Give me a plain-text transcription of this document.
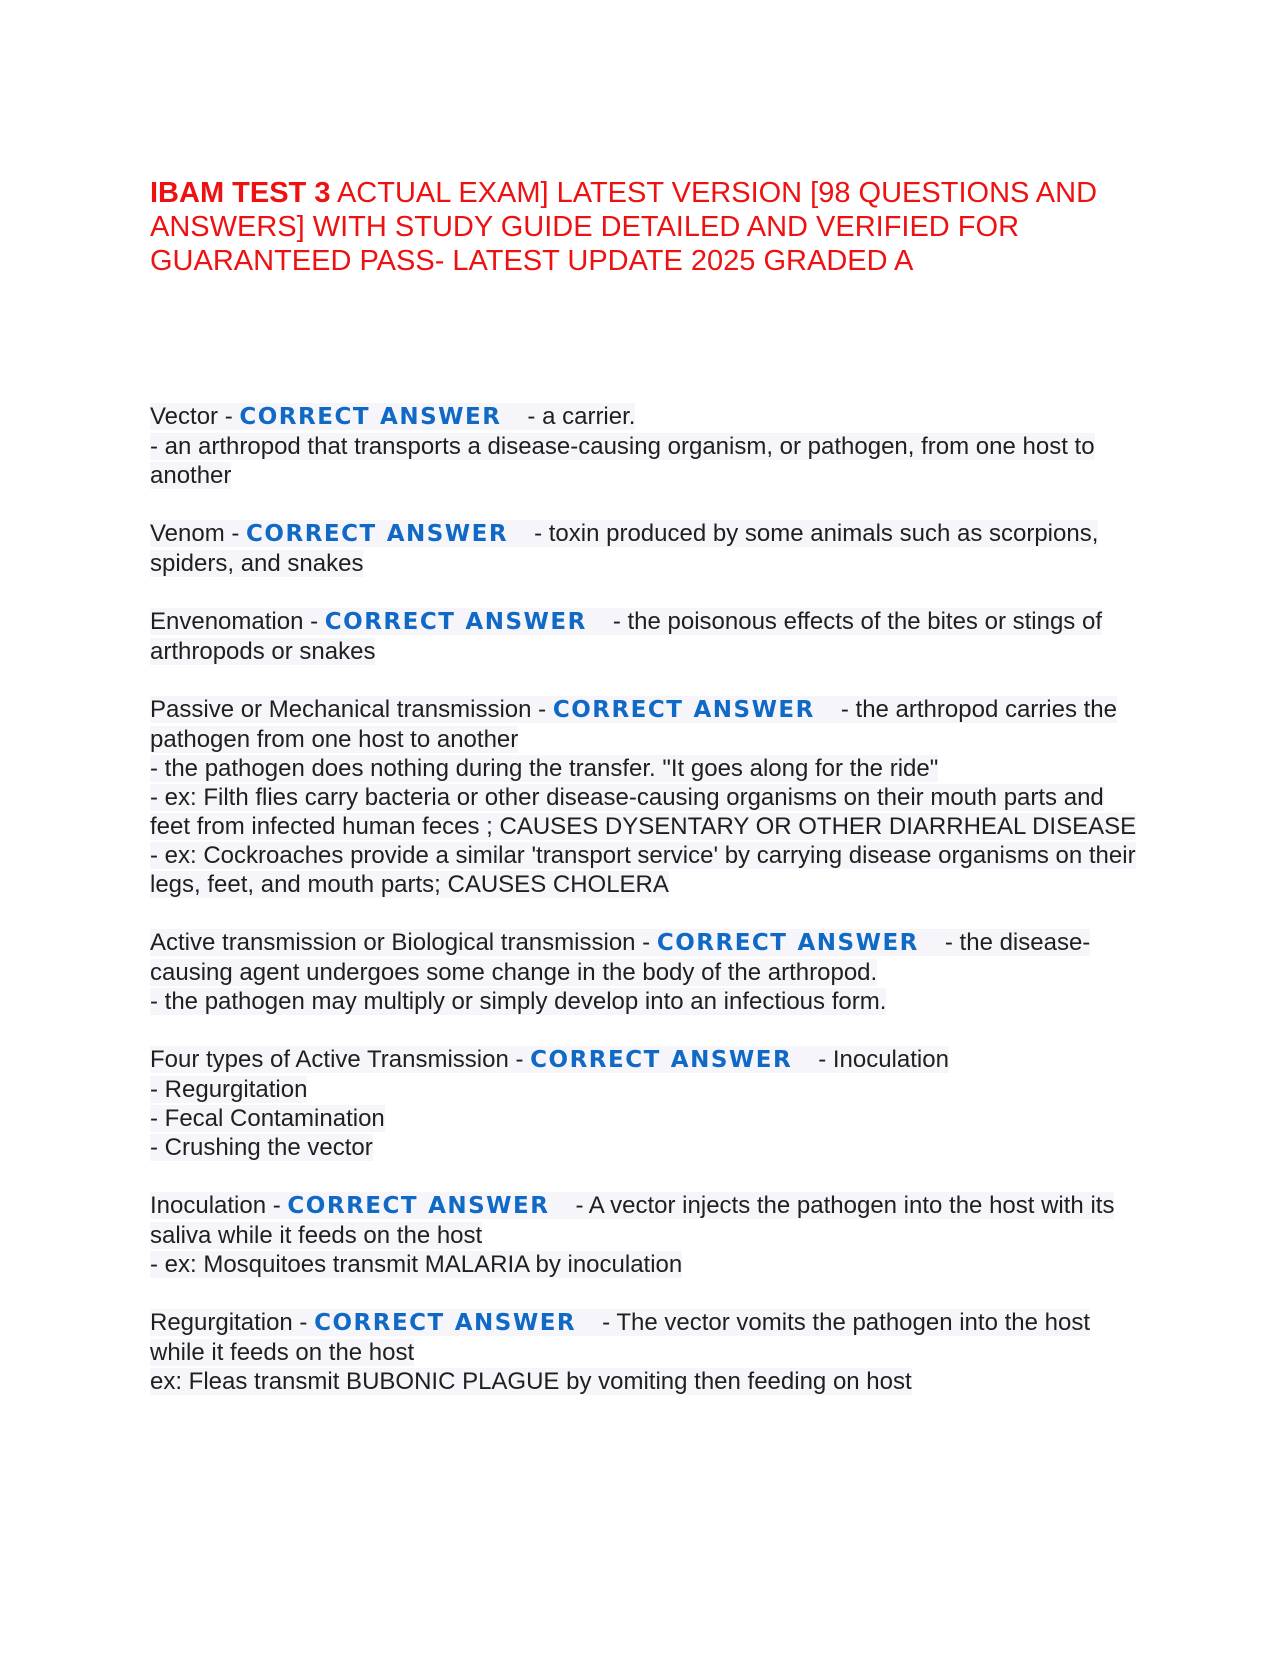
IBAM TEST 3 ACTUAL EXAM] LATEST VERSION [98 QUESTIONS AND ANSWERS] WITH STUDY GUIDE DETAILED AND VERIFIED FOR GUARANTEED PASS- LATEST UPDATE 2025 GRADED A
Vector - CORRECT ANSWER - a carrier.
- an arthropod that transports a disease-causing organism, or pathogen, from one host to another
Venom - CORRECT ANSWER - toxin produced by some animals such as scorpions, spiders, and snakes
Envenomation - CORRECT ANSWER - the poisonous effects of the bites or stings of arthropods or snakes
Passive or Mechanical transmission - CORRECT ANSWER - the arthropod carries the pathogen from one host to another
- the pathogen does nothing during the transfer. "It goes along for the ride"
- ex: Filth flies carry bacteria or other disease-causing organisms on their mouth parts and feet from infected human feces ; CAUSES DYSENTARY OR OTHER DIARRHEAL DISEASE
- ex: Cockroaches provide a similar 'transport service' by carrying disease organisms on their legs, feet, and mouth parts; CAUSES CHOLERA
Active transmission or Biological transmission - CORRECT ANSWER - the disease-causing agent undergoes some change in the body of the arthropod.
- the pathogen may multiply or simply develop into an infectious form.
Four types of Active Transmission - CORRECT ANSWER - Inoculation
- Regurgitation
- Fecal Contamination
- Crushing the vector
Inoculation - CORRECT ANSWER - A vector injects the pathogen into the host with its saliva while it feeds on the host
- ex: Mosquitoes transmit MALARIA by inoculation
Regurgitation - CORRECT ANSWER - The vector vomits the pathogen into the host while it feeds on the host
ex: Fleas transmit BUBONIC PLAGUE by vomiting then feeding on host
